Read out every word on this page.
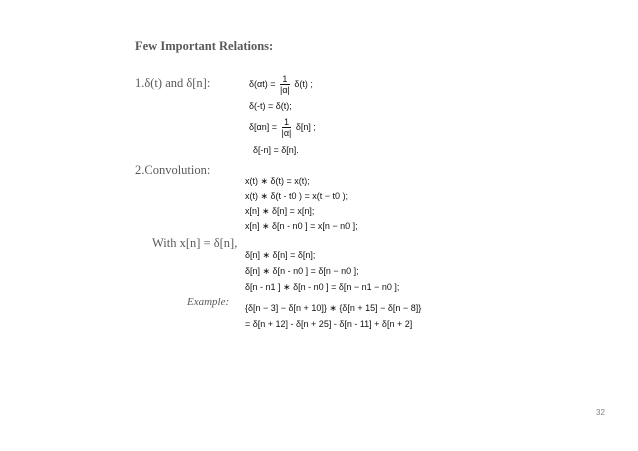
Few Important Relations:
1.δ(t) and δ[n]:	$\delta(\alpha t) = \frac{1}{|\alpha|} \delta(t)$ ;
δ(-t) = δ(t);
$\delta[\alpha n] = \frac{1}{|\alpha|} \delta[n]$ ;
δ[-n] = δ[n].
2.Convolution:
x(t) ∗ δ(t) = x(t);
x(t) ∗ δ(t - t0 ) = x(t − t0 );
x[n] ∗ δ[n] = x[n];
x[n] ∗ δ[n - n0 ] = x[n − n0 ];
With x[n] = δ[n],
δ[n] ∗ δ[n] = δ[n];
δ[n] ∗ δ[n - n0 ] = δ[n − n0 ];
δ[n - n1 ] ∗ δ[n - n0 ] = δ[n − n1 − n0 ];
Example: {δ[n − 3] − δ[n + 10]} ∗ {δ[n + 15] − δ[n − 8]}
= δ[n + 12] - δ[n + 25] - δ[n - 11] + δ[n + 2]
32
